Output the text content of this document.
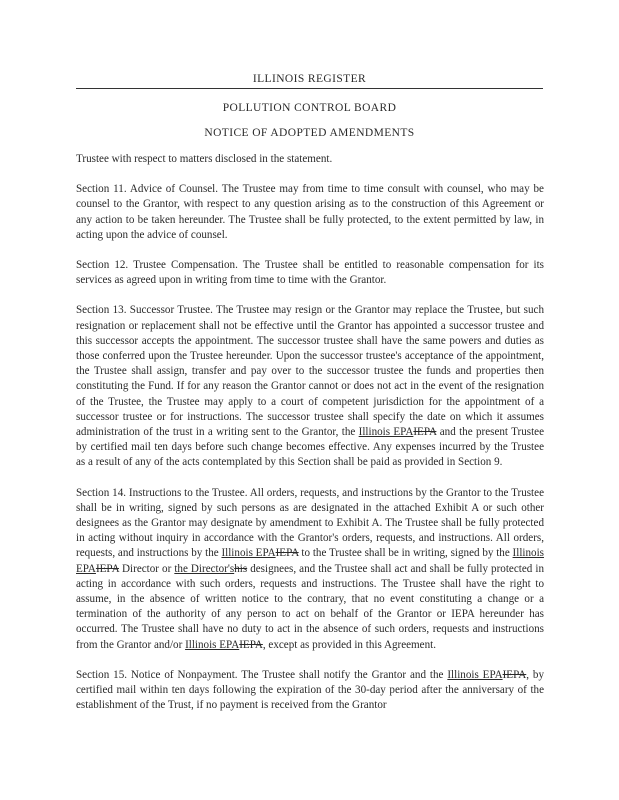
ILLINOIS REGISTER
POLLUTION CONTROL BOARD
NOTICE OF ADOPTED AMENDMENTS

Trustee with respect to matters disclosed in the statement.

Section 11. Advice of Counsel. The Trustee may from time to time consult with counsel, who may be counsel to the Grantor, with respect to any question arising as to the construction of this Agreement or any action to be taken hereunder. The Trustee shall be fully protected, to the extent permitted by law, in acting upon the advice of counsel.

Section 12. Trustee Compensation. The Trustee shall be entitled to reasonable compensation for its services as agreed upon in writing from time to time with the Grantor.

Section 13. Successor Trustee. The Trustee may resign or the Grantor may replace the Trustee, but such resignation or replacement shall not be effective until the Grantor has appointed a successor trustee and this successor accepts the appointment. The successor trustee shall have the same powers and duties as those conferred upon the Trustee hereunder. Upon the successor trustee's acceptance of the appointment, the Trustee shall assign, transfer and pay over to the successor trustee the funds and properties then constituting the Fund. If for any reason the Grantor cannot or does not act in the event of the resignation of the Trustee, the Trustee may apply to a court of competent jurisdiction for the appointment of a successor trustee or for instructions. The successor trustee shall specify the date on which it assumes administration of the trust in a writing sent to the Grantor, the Illinois EPAIEPA and the present Trustee by certified mail ten days before such change becomes effective. Any expenses incurred by the Trustee as a result of any of the acts contemplated by this Section shall be paid as provided in Section 9.

Section 14. Instructions to the Trustee. All orders, requests, and instructions by the Grantor to the Trustee shall be in writing, signed by such persons as are designated in the attached Exhibit A or such other designees as the Grantor may designate by amendment to Exhibit A. The Trustee shall be fully protected in acting without inquiry in accordance with the Grantor's orders, requests, and instructions. All orders, requests, and instructions by the Illinois EPAIEPA to the Trustee shall be in writing, signed by the Illinois EPAIEPA Director or the Director'shis designees, and the Trustee shall act and shall be fully protected in acting in accordance with such orders, requests and instructions. The Trustee shall have the right to assume, in the absence of written notice to the contrary, that no event constituting a change or a termination of the authority of any person to act on behalf of the Grantor or IEPA hereunder has occurred. The Trustee shall have no duty to act in the absence of such orders, requests and instructions from the Grantor and/or Illinois EPAIEPA, except as provided in this Agreement.

Section 15. Notice of Nonpayment. The Trustee shall notify the Grantor and the Illinois EPAIEPA, by certified mail within ten days following the expiration of the 30-day period after the anniversary of the establishment of the Trust, if no payment is received from the Grantor
